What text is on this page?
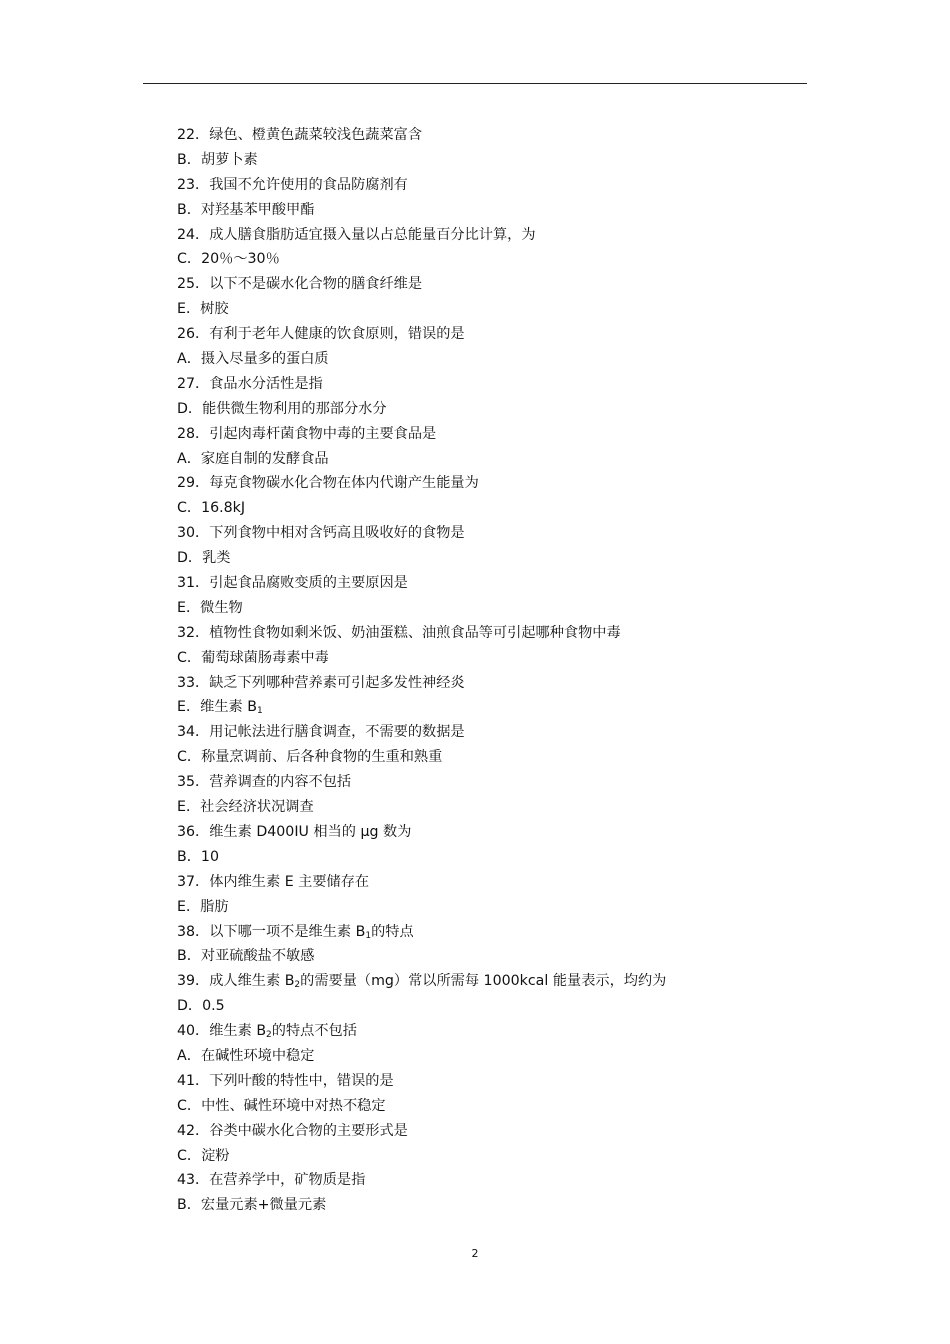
22．绿色、橙黄色蔬菜较浅色蔬菜富含
B．胡萝卜素
23．我国不允许使用的食品防腐剂有
B．对羟基苯甲酸甲酯
24．成人膳食脂肪适宜摄入量以占总能量百分比计算，为
C．20％～30％
25．以下不是碳水化合物的膳食纤维是
E．树胶
26．有利于老年人健康的饮食原则，错误的是
A．摄入尽量多的蛋白质
27．食品水分活性是指
D．能供微生物利用的那部分水分
28．引起肉毒杆菌食物中毒的主要食品是
A．家庭自制的发酵食品
29．每克食物碳水化合物在体内代谢产生能量为
C．16.8kJ
30．下列食物中相对含钙高且吸收好的食物是
D．乳类
31．引起食品腐败变质的主要原因是
E．微生物
32．植物性食物如剩米饭、奶油蛋糕、油煎食品等可引起哪种食物中毒
C．葡萄球菌肠毒素中毒
33．缺乏下列哪种营养素可引起多发性神经炎
E．维生素 $B_1$
34．用记帐法进行膳食调查，不需要的数据是
C．称量烹调前、后各种食物的生重和熟重
35．营养调查的内容不包括
E．社会经济状况调查
36．维生素 D400IU 相当的 μg 数为
B．10
37．体内维生素 E 主要储存在
E．脂肪
38．以下哪一项不是维生素 $B_1$的特点
B．对亚硫酸盐不敏感
39．成人维生素 $B_2$的需要量（mg）常以所需每 1000kcal 能量表示，均约为
D．0.5
40．维生素 $B_2$的特点不包括
A．在碱性环境中稳定
41．下列叶酸的特性中，错误的是
C．中性、碱性环境中对热不稳定
42．谷类中碳水化合物的主要形式是
C．淀粉
43．在营养学中，矿物质是指
B．宏量元素+微量元素
2
